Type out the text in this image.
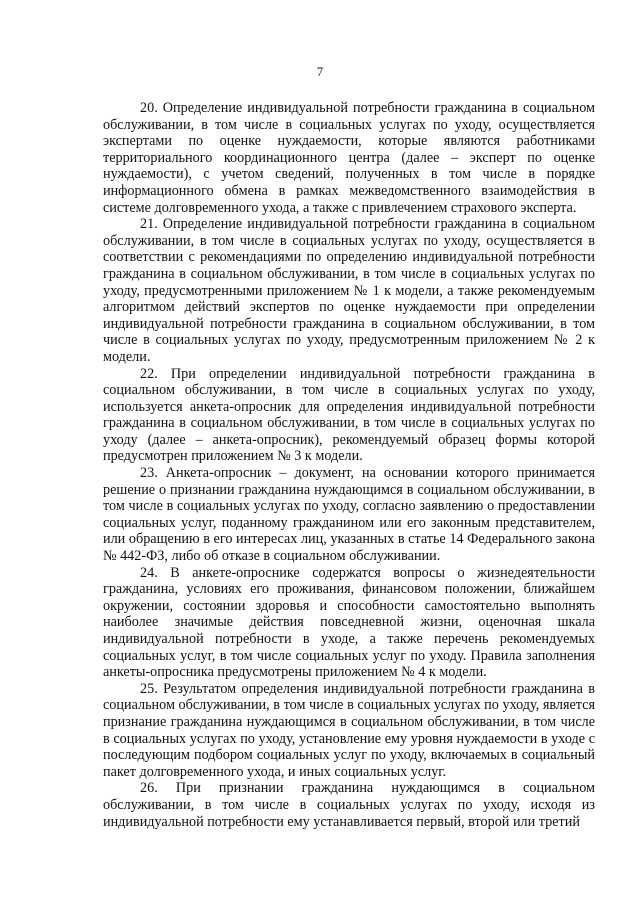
7

20. Определение индивидуальной потребности гражданина в социальном обслуживании, в том числе в социальных услугах по уходу, осуществляется экспертами по оценке нуждаемости, которые являются работниками территориального координационного центра (далее – эксперт по оценке нуждаемости), с учетом сведений, полученных в том числе в порядке информационного обмена в рамках межведомственного взаимодействия в системе долговременного ухода, а также с привлечением страхового эксперта.

21. Определение индивидуальной потребности гражданина в социальном обслуживании, в том числе в социальных услугах по уходу, осуществляется в соответствии с рекомендациями по определению индивидуальной потребности гражданина в социальном обслуживании, в том числе в социальных услугах по уходу, предусмотренными приложением № 1 к модели, а также рекомендуемым алгоритмом действий экспертов по оценке нуждаемости при определении индивидуальной потребности гражданина в социальном обслуживании, в том числе в социальных услугах по уходу, предусмотренным приложением № 2 к модели.

22. При определении индивидуальной потребности гражданина в социальном обслуживании, в том числе в социальных услугах по уходу, используется анкета-опросник для определения индивидуальной потребности гражданина в социальном обслуживании, в том числе в социальных услугах по уходу (далее – анкета-опросник), рекомендуемый образец формы которой предусмотрен приложением № 3 к модели.

23. Анкета-опросник – документ, на основании которого принимается решение о признании гражданина нуждающимся в социальном обслуживании, в том числе в социальных услугах по уходу, согласно заявлению о предоставлении социальных услуг, поданному гражданином или его законным представителем, или обращению в его интересах лиц, указанных в статье 14 Федерального закона № 442-ФЗ, либо об отказе в социальном обслуживании.

24. В анкете-опроснике содержатся вопросы о жизнедеятельности гражданина, условиях его проживания, финансовом положении, ближайшем окружении, состоянии здоровья и способности самостоятельно выполнять наиболее значимые действия повседневной жизни, оценочная шкала индивидуальной потребности в уходе, а также перечень рекомендуемых социальных услуг, в том числе социальных услуг по уходу. Правила заполнения анкеты-опросника предусмотрены приложением № 4 к модели.

25. Результатом определения индивидуальной потребности гражданина в социальном обслуживании, в том числе в социальных услугах по уходу, является признание гражданина нуждающимся в социальном обслуживании, в том числе в социальных услугах по уходу, установление ему уровня нуждаемости в уходе с последующим подбором социальных услуг по уходу, включаемых в социальный пакет долговременного ухода, и иных социальных услуг.

26. При признании гражданина нуждающимся в социальном обслуживании, в том числе в социальных услугах по уходу, исходя из индивидуальной потребности ему устанавливается первый, второй или третий
